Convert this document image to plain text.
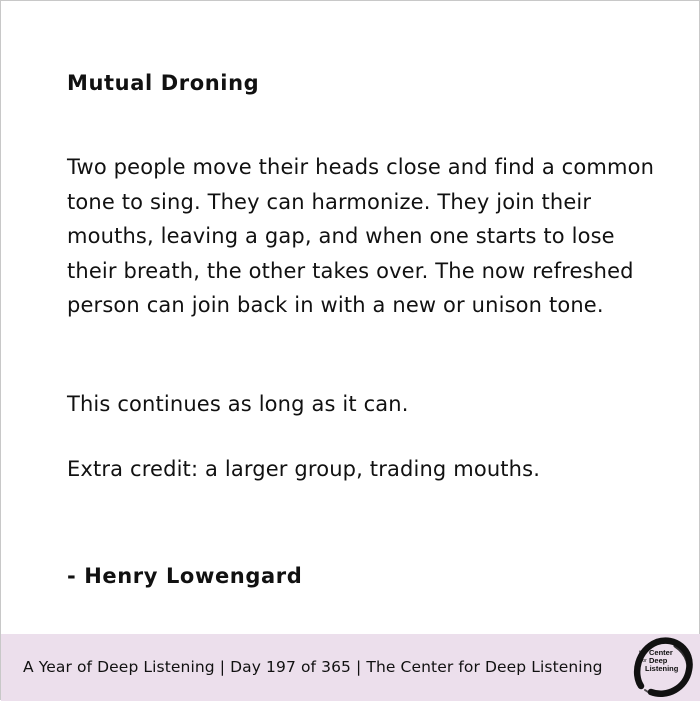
Mutual Droning

Two people move their heads close and find a common tone to sing. They can harmonize. They join their mouths, leaving a gap, and when one starts to lose their breath, the other takes over. The now refreshed person can join back in with a new or unison tone.

This continues as long as it can.

Extra credit: a larger group, trading mouths.

- Henry Lowengard

A Year of Deep Listening | Day 197 of 365 | The Center for Deep Listening
the Center
for Deep
Listening
